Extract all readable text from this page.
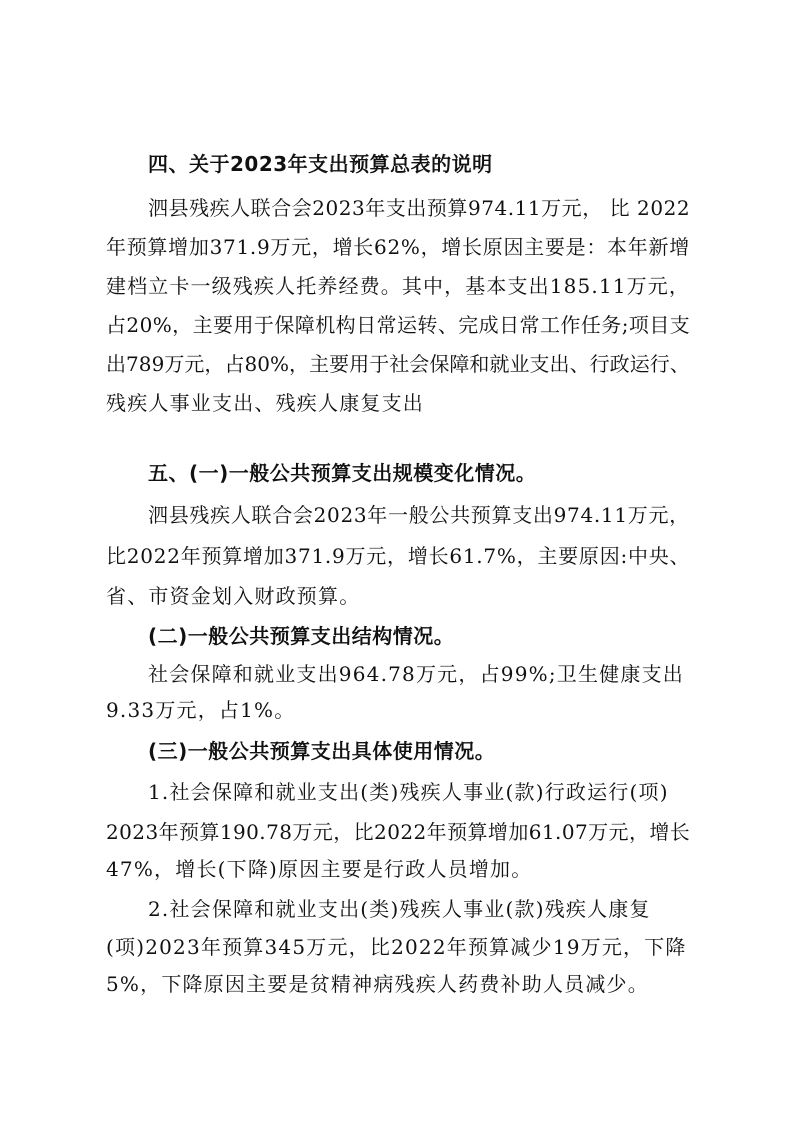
四、关于2023年支出预算总表的说明
泗县残疾人联合会2023年支出预算974.11万元， 比 2022
年预算增加371.9万元，增长62%，增长原因主要是：本年新增
建档立卡一级残疾人托养经费。其中，基本支出185.11万元，
占20%，主要用于保障机构日常运转、完成日常工作任务;项目支
出789万元，占80%，主要用于社会保障和就业支出、行政运行、
残疾人事业支出、残疾人康复支出
五、(一)一般公共预算支出规模变化情况。
泗县残疾人联合会2023年一般公共预算支出974.11万元，
比2022年预算增加371.9万元，增长61.7%，主要原因:中央、
省、市资金划入财政预算。
(二)一般公共预算支出结构情况。
社会保障和就业支出964.78万元，占99%;卫生健康支出
9.33万元，占1%。
(三)一般公共预算支出具体使用情况。
1.社会保障和就业支出(类)残疾人事业(款)行政运行(项)
2023年预算190.78万元，比2022年预算增加61.07万元，增长
47%，增长(下降)原因主要是行政人员增加。
2.社会保障和就业支出(类)残疾人事业(款)残疾人康复
(项)2023年预算345万元，比2022年预算减少19万元，下降
5%，下降原因主要是贫精神病残疾人药费补助人员减少。
